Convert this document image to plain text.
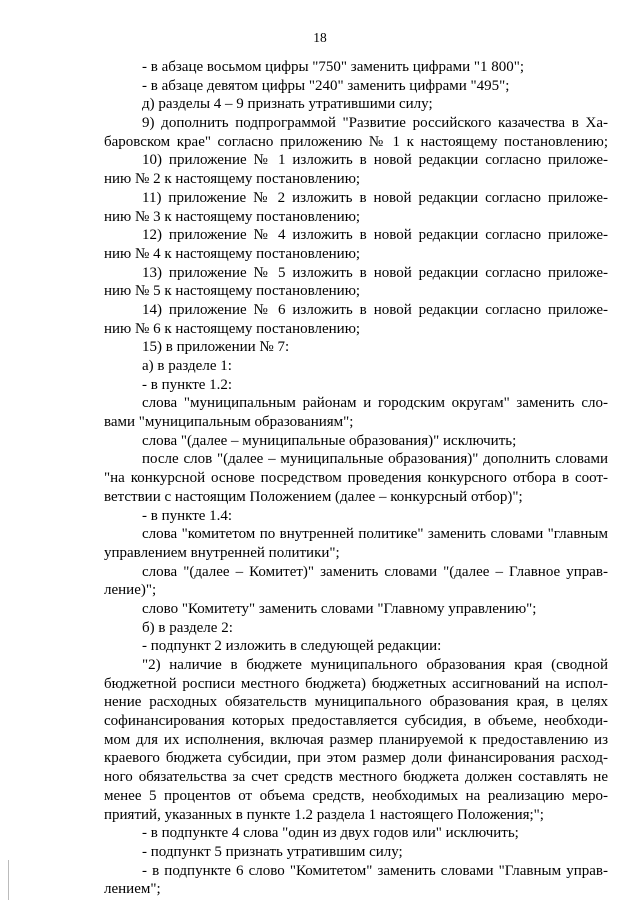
18
- в абзаце восьмом цифры "750" заменить цифрами "1 800";
- в абзаце девятом цифры "240" заменить цифрами "495";
д) разделы 4 – 9 признать утратившими силу;
9) дополнить подпрограммой "Развитие российского казачества в Ха-
баровском крае" согласно приложению № 1 к настоящему постановлению;
10) приложение № 1 изложить в новой редакции согласно приложе-
нию № 2 к настоящему постановлению;
11) приложение № 2 изложить в новой редакции согласно приложе-
нию № 3 к настоящему постановлению;
12) приложение № 4 изложить в новой редакции согласно приложе-
нию № 4 к настоящему постановлению;
13) приложение № 5 изложить в новой редакции согласно приложе-
нию № 5 к настоящему постановлению;
14) приложение № 6 изложить в новой редакции согласно приложе-
нию № 6 к настоящему постановлению;
15) в приложении № 7:
а) в разделе 1:
- в пункте 1.2:
слова "муниципальным районам и городским округам" заменить сло-
вами "муниципальным образованиям";
слова "(далее – муниципальные образования)" исключить;
после слов "(далее – муниципальные образования)" дополнить словами
"на конкурсной основе посредством проведения конкурсного отбора в соот-
ветствии с настоящим Положением (далее – конкурсный отбор)";
- в пункте 1.4:
слова "комитетом по внутренней политике" заменить словами "главным
управлением внутренней политики";
слова "(далее – Комитет)" заменить словами "(далее – Главное управ-
ление)";
слово "Комитету" заменить словами "Главному управлению";
б) в разделе 2:
- подпункт 2 изложить в следующей редакции:
"2) наличие в бюджете муниципального образования края (сводной
бюджетной росписи местного бюджета) бюджетных ассигнований на испол-
нение расходных обязательств муниципального образования края, в целях
софинансирования которых предоставляется субсидия, в объеме, необходи-
мом для их исполнения, включая размер планируемой к предоставлению из
краевого бюджета субсидии, при этом размер доли финансирования расход-
ного обязательства за счет средств местного бюджета должен составлять не
менее 5 процентов от объема средств, необходимых на реализацию меро-
приятий, указанных в пункте 1.2 раздела 1 настоящего Положения;";
- в подпункте 4 слова "один из двух годов или" исключить;
- подпункт 5 признать утратившим силу;
- в подпункте 6 слово "Комитетом" заменить словами "Главным управ-
лением";
